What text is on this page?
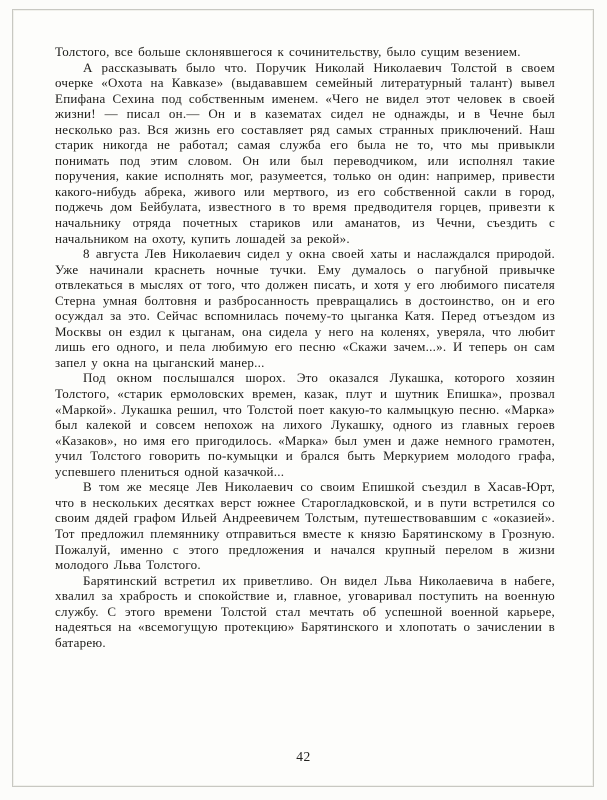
Толстого, все больше склонявшегося к сочинительству, было сущим везением.

А рассказывать было что. Поручик Николай Николаевич Толстой в своем очерке «Охота на Кавказе» (выдававшем семейный литературный талант) вывел Епифана Сехина под собственным именем. «Чего не видел этот человек в своей жизни! — писал он.— Он и в казематах сидел не однажды, и в Чечне был несколько раз. Вся жизнь его составляет ряд самых странных приключений. Наш старик никогда не работал; самая служба его была не то, что мы привыкли понимать под этим словом. Он или был переводчиком, или исполнял такие поручения, какие исполнять мог, разумеется, только он один: например, привести какого-нибудь абрека, живого или мертвого, из его собственной сакли в город, поджечь дом Бейбулата, известного в то время предводителя горцев, привезти к начальнику отряда почетных стариков или аманатов, из Чечни, съездить с начальником на охоту, купить лошадей за рекой».

8 августа Лев Николаевич сидел у окна своей хаты и наслаждался природой. Уже начинали краснеть ночные тучки. Ему думалось о пагубной привычке отвлекаться в мыслях от того, что должен писать, и хотя у его любимого писателя Стерна умная болтовня и разбросанность превращались в достоинство, он и его осуждал за это. Сейчас вспомнилась почему-то цыганка Катя. Перед отъездом из Москвы он ездил к цыганам, она сидела у него на коленях, уверяла, что любит лишь его одного, и пела любимую его песню «Скажи зачем...». И теперь он сам запел у окна на цыганский манер...

Под окном послышался шорох. Это оказался Лукашка, которого хозяин Толстого, «старик ермоловских времен, казак, плут и шутник Епишка», прозвал «Маркой». Лукашка решил, что Толстой поет какую-то калмыцкую песню. «Марка» был калекой и совсем непохож на лихого Лукашку, одного из главных героев «Казаков», но имя его пригодилось. «Марка» был умен и даже немного грамотен, учил Толстого говорить по-кумыцки и брался быть Меркурием молодого графа, успевшего плениться одной казачкой...

В том же месяце Лев Николаевич со своим Епишкой съездил в Хасав-Юрт, что в нескольких десятках верст южнее Старогладковской, и в пути встретился со своим дядей графом Ильей Андреевичем Толстым, путешествовавшим с «оказией». Тот предложил племяннику отправиться вместе к князю Барятинскому в Грозную. Пожалуй, именно с этого предложения и начался крупный перелом в жизни молодого Льва Толстого.

Барятинский встретил их приветливо. Он видел Льва Николаевича в набеге, хвалил за храбрость и спокойствие и, главное, уговаривал поступить на военную службу. С этого времени Толстой стал мечтать об успешной военной карьере, надеяться на «всемогущую протекцию» Барятинского и хлопотать о зачислении в батарею.

42
